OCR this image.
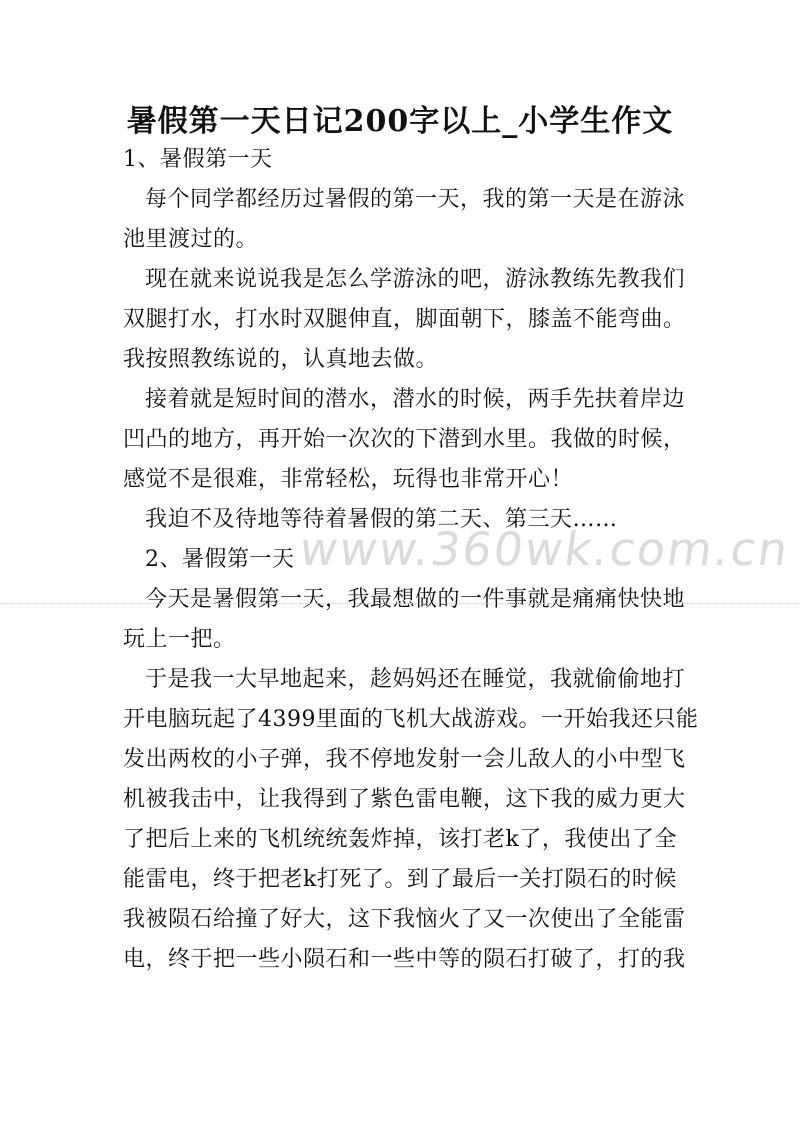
暑假第一天日记200字以上_小学生作文
1、暑假第一天
每个同学都经历过暑假的第一天，我的第一天是在游泳
池里渡过的。
现在就来说说我是怎么学游泳的吧，游泳教练先教我们
双腿打水，打水时双腿伸直，脚面朝下，膝盖不能弯曲。
我按照教练说的，认真地去做。
接着就是短时间的潜水，潜水的时候，两手先扶着岸边
凹凸的地方，再开始一次次的下潜到水里。我做的时候，
感觉不是很难，非常轻松，玩得也非常开心！
我迫不及待地等待着暑假的第二天、第三天……
2、暑假第一天
今天是暑假第一天，我最想做的一件事就是痛痛快快地
玩上一把。
于是我一大早地起来，趁妈妈还在睡觉，我就偷偷地打
开电脑玩起了4399里面的飞机大战游戏。一开始我还只能
发出两枚的小子弹，我不停地发射一会儿敌人的小中型飞
机被我击中，让我得到了紫色雷电鞭，这下我的威力更大
了把后上来的飞机统统轰炸掉，该打老k了，我使出了全
能雷电，终于把老k打死了。到了最后一关打陨石的时候
我被陨石给撞了好大，这下我恼火了又一次使出了全能雷
电，终于把一些小陨石和一些中等的陨石打破了，打的我
www.360wk.com.cn
